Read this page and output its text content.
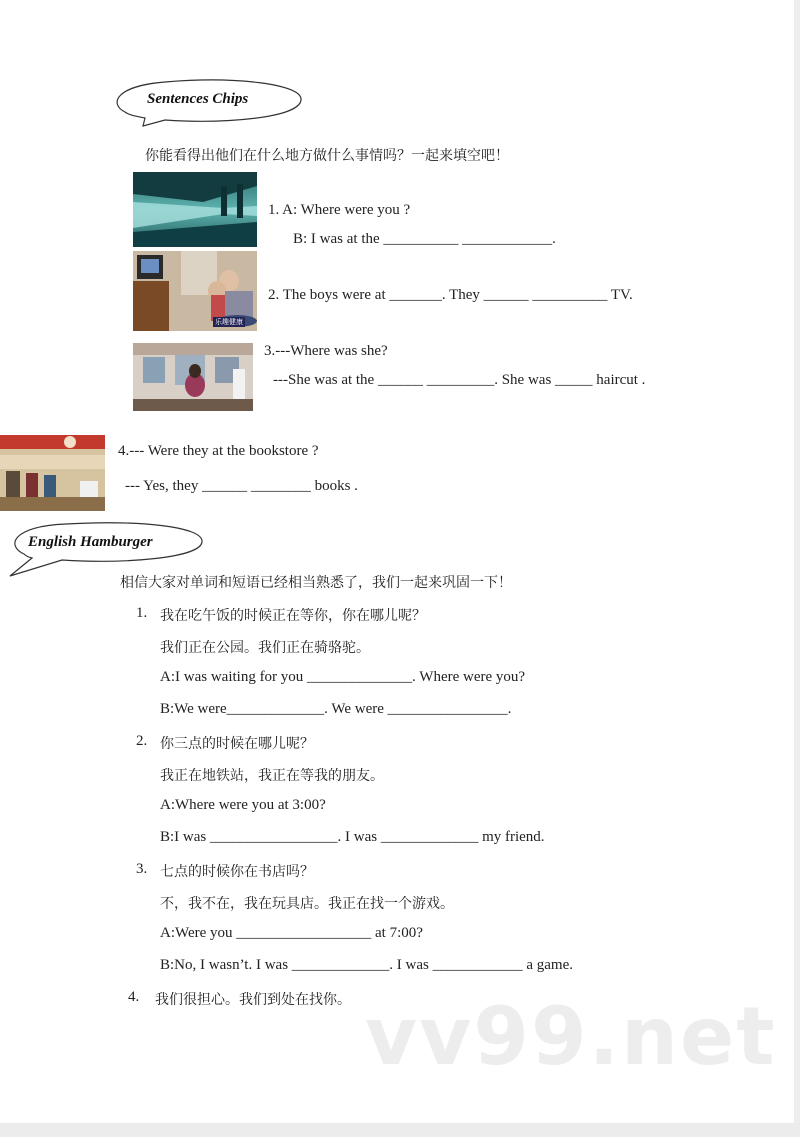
Sentences Chips
你能看得出他们在什么地方做什么事情吗？一起来填空吧！
1. A: Where were you ?
B: I was at the __________ ____________.
乐趣健康
2. The boys were at _______. They ______ __________ TV.
3.---Where was she?
---She was at the ______ _________. She was _____ haircut .
4.--- Were they at the bookstore ?
--- Yes, they ______ ________ books .
English Hamburger
相信大家对单词和短语已经相当熟悉了，我们一起来巩固一下！
1. 我在吃午饭的时候正在等你，你在哪儿呢？
我们正在公园。我们正在骑骆驼。
A:I was waiting for you ______________. Where were you?
B:We were_____________. We were ________________.
2. 你三点的时候在哪儿呢？
我正在地铁站，我正在等我的朋友。
A:Where were you at 3:00?
B:I was _________________. I was _____________ my friend.
3. 七点的时候你在书店吗？
不，我不在，我在玩具店。我正在找一个游戏。
A:Were you __________________ at 7:00?
B:No, I wasn’t. I was _____________. I was ____________ a game.
4. 我们很担心。我们到处在找你。 vv99.net
